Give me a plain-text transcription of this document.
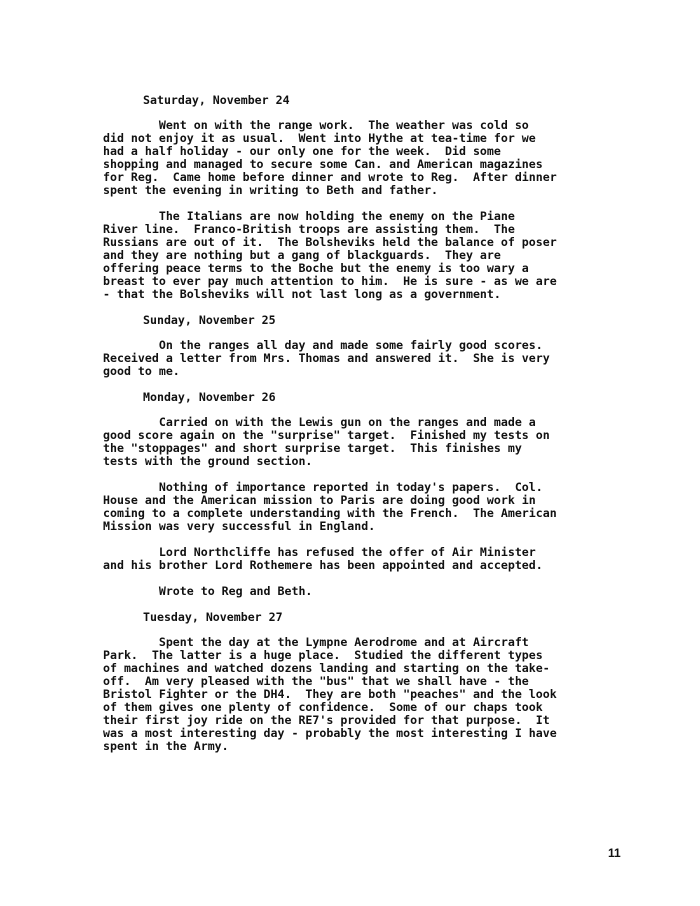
Saturday, November 24
Went on with the range work.  The weather was cold so
did not enjoy it as usual.  Went into Hythe at tea-time for we
had a half holiday - our only one for the week.  Did some
shopping and managed to secure some Can. and American magazines
for Reg.  Came home before dinner and wrote to Reg.  After dinner
spent the evening in writing to Beth and father.
The Italians are now holding the enemy on the Piane
River line.  Franco-British troops are assisting them.  The
Russians are out of it.  The Bolsheviks held the balance of poser
and they are nothing but a gang of blackguards.  They are
offering peace terms to the Boche but the enemy is too wary a
breast to ever pay much attention to him.  He is sure - as we are
- that the Bolsheviks will not last long as a government.
Sunday, November 25
On the ranges all day and made some fairly good scores.
Received a letter from Mrs. Thomas and answered it.  She is very
good to me.
Monday, November 26
Carried on with the Lewis gun on the ranges and made a
good score again on the "surprise" target.  Finished my tests on
the "stoppages" and short surprise target.  This finishes my
tests with the ground section.
Nothing of importance reported in today's papers.  Col.
House and the American mission to Paris are doing good work in
coming to a complete understanding with the French.  The American
Mission was very successful in England.
Lord Northcliffe has refused the offer of Air Minister
and his brother Lord Rothemere has been appointed and accepted.
Wrote to Reg and Beth.
Tuesday, November 27
Spent the day at the Lympne Aerodrome and at Aircraft
Park.  The latter is a huge place.  Studied the different types
of machines and watched dozens landing and starting on the take-
off.  Am very pleased with the "bus" that we shall have - the
Bristol Fighter or the DH4.  They are both "peaches" and the look
of them gives one plenty of confidence.  Some of our chaps took
their first joy ride on the RE7's provided for that purpose.  It
was a most interesting day - probably the most interesting I have
spent in the Army.
11
